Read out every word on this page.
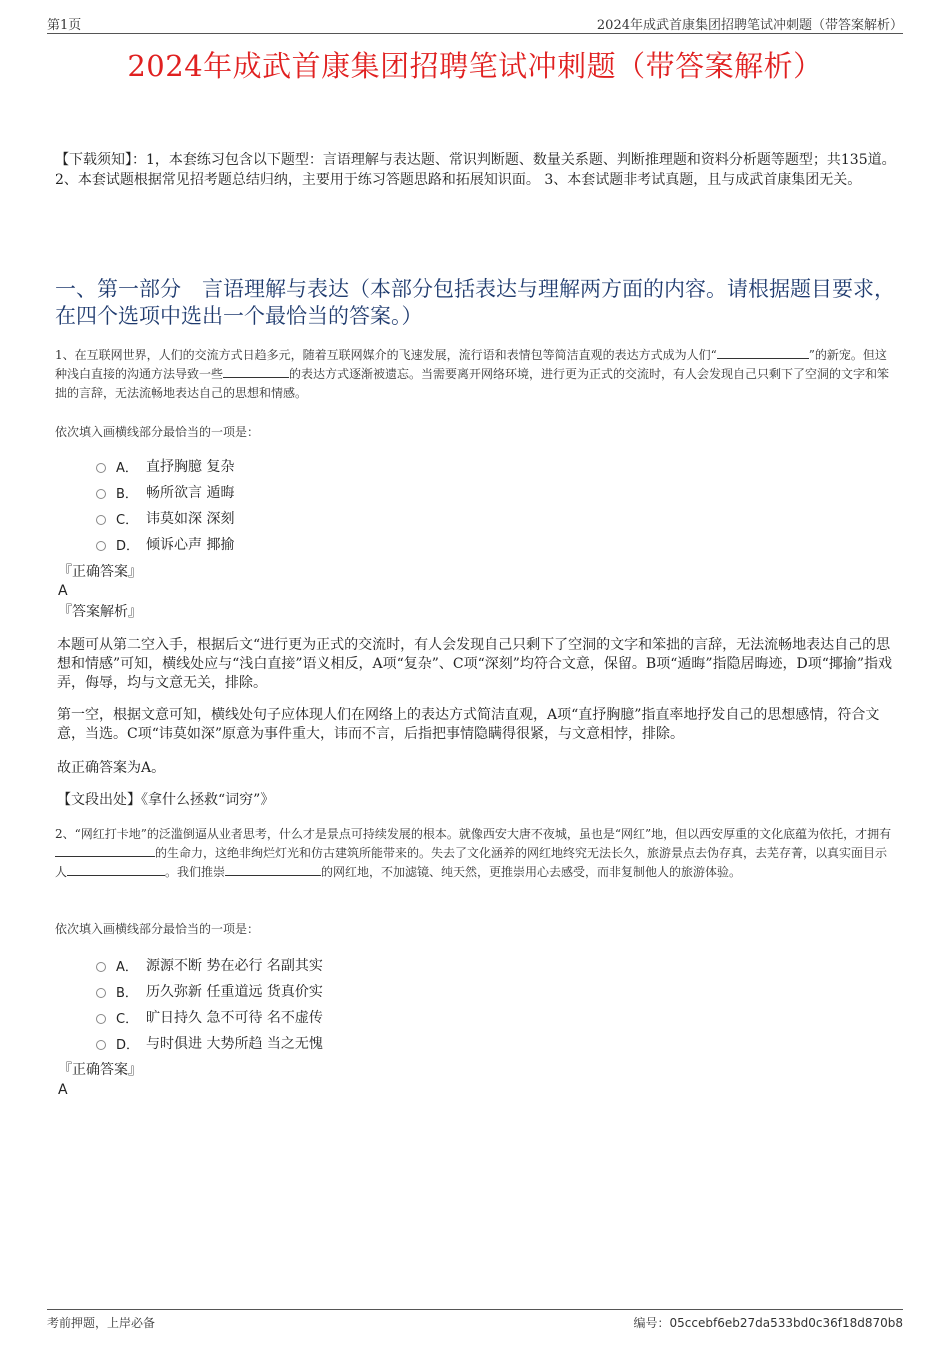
第1页	2024年成武首康集团招聘笔试冲刺题（带答案解析）
2024年成武首康集团招聘笔试冲刺题（带答案解析）
【下载须知】：1，本套练习包含以下题型：言语理解与表达题、常识判断题、数量关系题、判断推理题和资料分析题等题型；共135道。 2、本套试题根据常见招考题总结归纳，主要用于练习答题思路和拓展知识面。 3、本套试题非考试真题，且与成武首康集团无关。
一、第一部分　言语理解与表达（本部分包括表达与理解两方面的内容。请根据题目要求，在四个选项中选出一个最恰当的答案。）
1、在互联网世界，人们的交流方式日趋多元，随着互联网媒介的飞速发展，流行语和表情包等简洁直观的表达方式成为人们“	”的新宠。但这种浅白直接的沟通方法导致一些	的表达方式逐渐被遗忘。当需要离开网络环境，进行更为正式的交流时，有人会发现自己只剩下了空洞的文字和笨拙的言辞，无法流畅地表达自己的思想和情感。
依次填入画横线部分最恰当的一项是：
A． 直抒胸臆 复杂
B． 畅所欲言 遁晦
C． 讳莫如深 深刻
D． 倾诉心声 揶揄
『正确答案』
A
『答案解析』
本题可从第二空入手，根据后文“进行更为正式的交流时，有人会发现自己只剩下了空洞的文字和笨拙的言辞，无法流畅地表达自己的思想和情感”可知，横线处应与“浅白直接”语义相反，A项“复杂”、C项“深刻”均符合文意，保留。B项“遁晦”指隐居晦迹，D项“揶揄”指戏弄，侮辱，均与文意无关，排除。
第一空，根据文意可知，横线处句子应体现人们在网络上的表达方式简洁直观，A项“直抒胸臆”指直率地抒发自己的思想感情，符合文意，当选。C项“讳莫如深”原意为事件重大，讳而不言，后指把事情隐瞒得很紧，与文意相悖，排除。
故正确答案为A。
【文段出处】《拿什么拯救“词穷”》
2、“网红打卡地”的泛滥倒逼从业者思考，什么才是景点可持续发展的根本。就像西安大唐不夜城，虽也是“网红”地，但以西安厚重的文化底蕴为依托，才拥有的生命力，这绝非绚烂灯光和仿古建筑所能带来的。失去了文化涵养的网红地终究无法长久，旅游景点去伪存真，去芜存菁，以真实面目示人	。我们推崇	的网红地，不加滤镜、纯天然，更推崇用心去感受，而非复制他人的旅游体验。
依次填入画横线部分最恰当的一项是：
A． 源源不断 势在必行 名副其实
B． 历久弥新 任重道远 货真价实
C． 旷日持久 急不可待 名不虚传
D． 与时俱进 大势所趋 当之无愧
『正确答案』
A
考前押题，上岸必备	编号：05ccebf6eb27da533bd0c36f18d870b8
